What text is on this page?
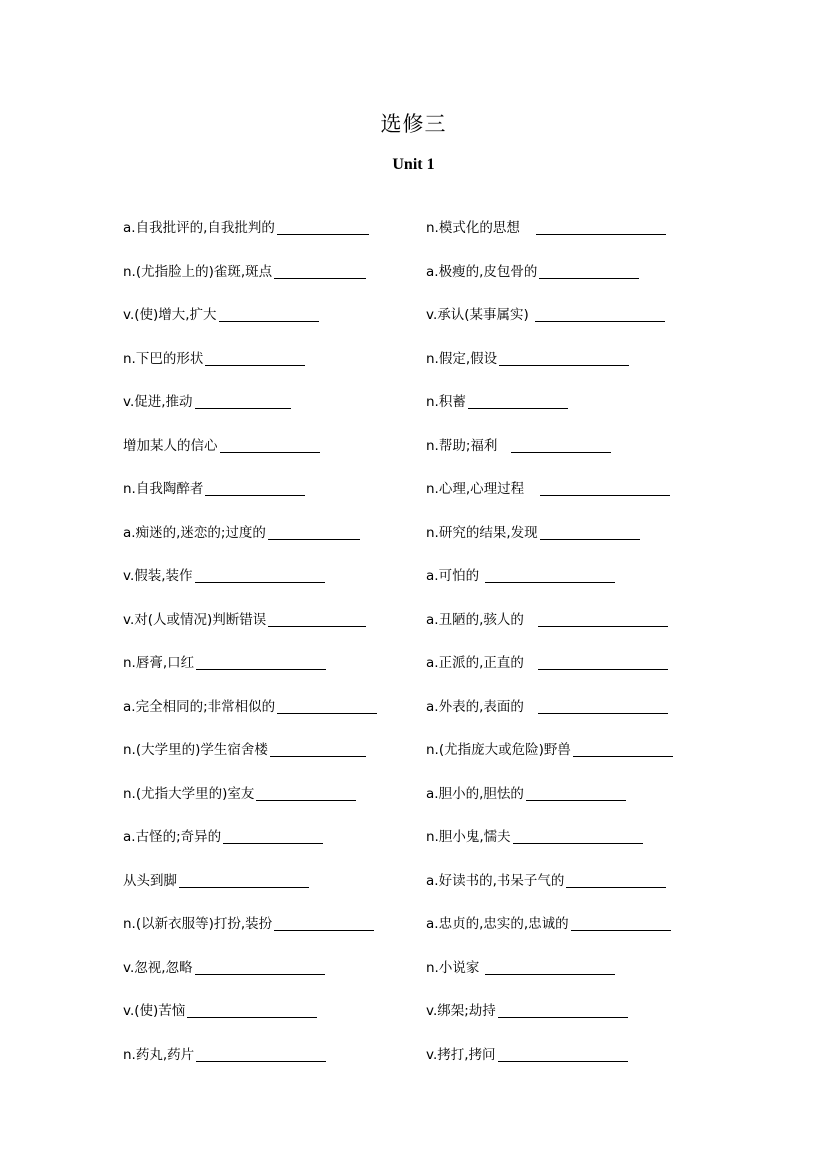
选修三
Unit 1
a.自我批评的,自我批判的
n.(尤指脸上的)雀斑,斑点
v.(使)增大,扩大
n.下巴的形状
v.促进,推动
增加某人的信心
n.自我陶醉者
a.痴迷的,迷恋的;过度的
v.假装,装作
v.对(人或情况)判断错误
n.唇膏,口红
a.完全相同的;非常相似的
n.(大学里的)学生宿舍楼
n.(尤指大学里的)室友
a.古怪的;奇异的
从头到脚
n.(以新衣服等)打扮,装扮
v.忽视,忽略
v.(使)苦恼
n.药丸,药片
n.模式化的思想
a.极瘦的,皮包骨的
v.承认(某事属实)
n.假定,假设
n.积蓄
n.帮助;福利
n.心理,心理过程
n.研究的结果,发现
a.可怕的
a.丑陋的,骇人的
a.正派的,正直的
a.外表的,表面的
n.(尤指庞大或危险)野兽
a.胆小的,胆怯的
n.胆小鬼,懦夫
a.好读书的,书呆子气的
a.忠贞的,忠实的,忠诚的
n.小说家
v.绑架;劫持
v.拷打,拷问
